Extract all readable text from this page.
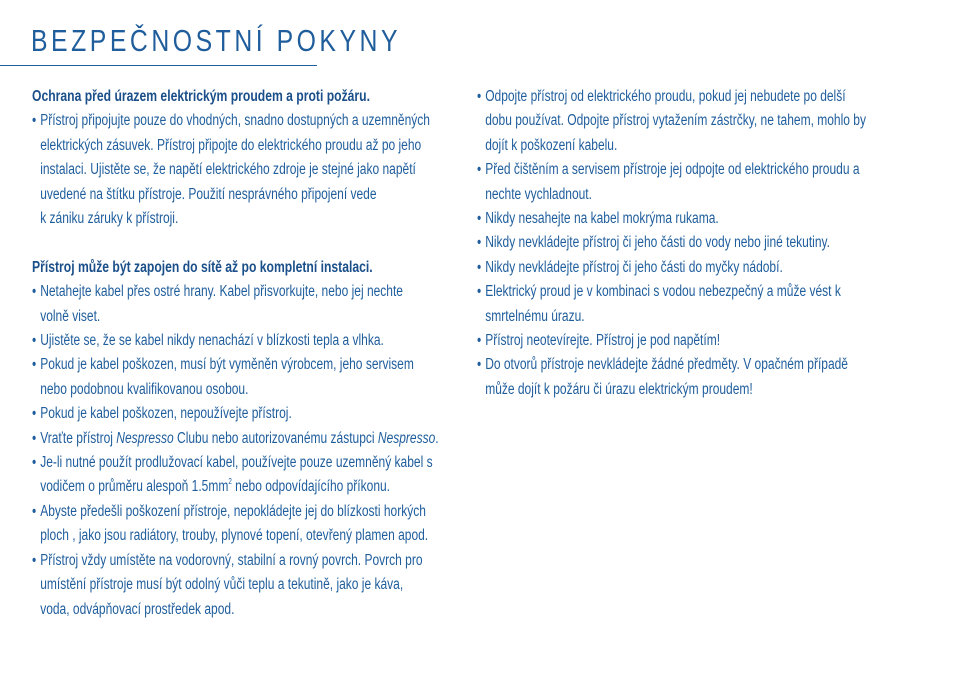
BEZPEČNOSTNÍ POKYNY

Ochrana před úrazem elektrickým proudem a proti požáru.

• Přístroj připojujte pouze do vhodných, snadno dostupných a uzemněných
elektrických zásuvek. Přístroj připojte do elektrického proudu až po jeho
instalaci. Ujistěte se, že napětí elektrického zdroje je stejné jako napětí
uvedené na štítku přístroje. Použití nesprávného připojení vede
k zániku záruky k přístroji.

Přístroj může být zapojen do sítě až po kompletní instalaci.

• Netahejte kabel přes ostré hrany. Kabel přisvorkujte, nebo jej nechte
volně viset.
• Ujistěte se, že se kabel nikdy nenachází v blízkosti tepla a vlhka.
• Pokud je kabel poškozen, musí být vyměněn výrobcem, jeho servisem
nebo podobnou kvalifikovanou osobou.
• Pokud je kabel poškozen, nepoužívejte přístroj.
• Vraťte přístroj Nespresso Clubu nebo autorizovanému zástupci Nespresso.
• Je-li nutné použít prodlužovací kabel, používejte pouze uzemněný kabel s
vodičem o průměru alespoň $1.5mm^2$ nebo odpovídajícího příkonu.
• Abyste předešli poškození přístroje, nepokládejte jej do blízkosti horkých
ploch , jako jsou radiátory, trouby, plynové topení, otevřený plamen apod.
• Přístroj vždy umístěte na vodorovný, stabilní a rovný povrch. Povrch pro
umístění přístroje musí být odolný vůči teplu a tekutině, jako je káva,
voda, odvápňovací prostředek apod.
• Odpojte přístroj od elektrického proudu, pokud jej nebudete po delší
dobu používat. Odpojte přístroj vytažením zástrčky, ne tahem, mohlo by
dojít k poškození kabelu.
• Před čištěním a servisem přístroje jej odpojte od elektrického proudu a
nechte vychladnout.
• Nikdy nesahejte na kabel mokrýma rukama.
• Nikdy nevkládejte přístroj či jeho části do vody nebo jiné tekutiny.
• Nikdy nevkládejte přístroj či jeho části do myčky nádobí.
• Elektrický proud je v kombinaci s vodou nebezpečný a může vést k
smrtelnému úrazu.
• Přístroj neotevírejte. Přístroj je pod napětím!
• Do otvorů přístroje nevkládejte žádné předměty. V opačném případě
může dojít k požáru či úrazu elektrickým proudem!
